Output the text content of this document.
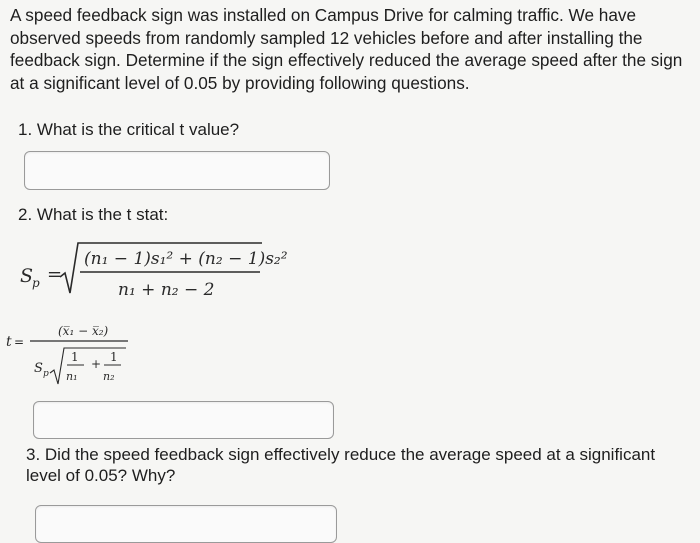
A speed feedback sign was installed on Campus Drive for calming traffic. We have observed speeds from randomly sampled 12 vehicles before and after installing the feedback sign. Determine if the sign effectively reduced the average speed after the sign at a significant level of 0.05 by providing following questions.
1. What is the critical t value?
2. What is the t stat:
S
p =
(n₁ − 1)s₁² + (n₂ − 1)s₂²
n₁ + n₂ − 2
t =
(x̅₁ − x̅₂)
S p
1
n₁
+ 1
n₂
3. Did the speed feedback sign effectively reduce the average speed at a significant level of 0.05? Why?
